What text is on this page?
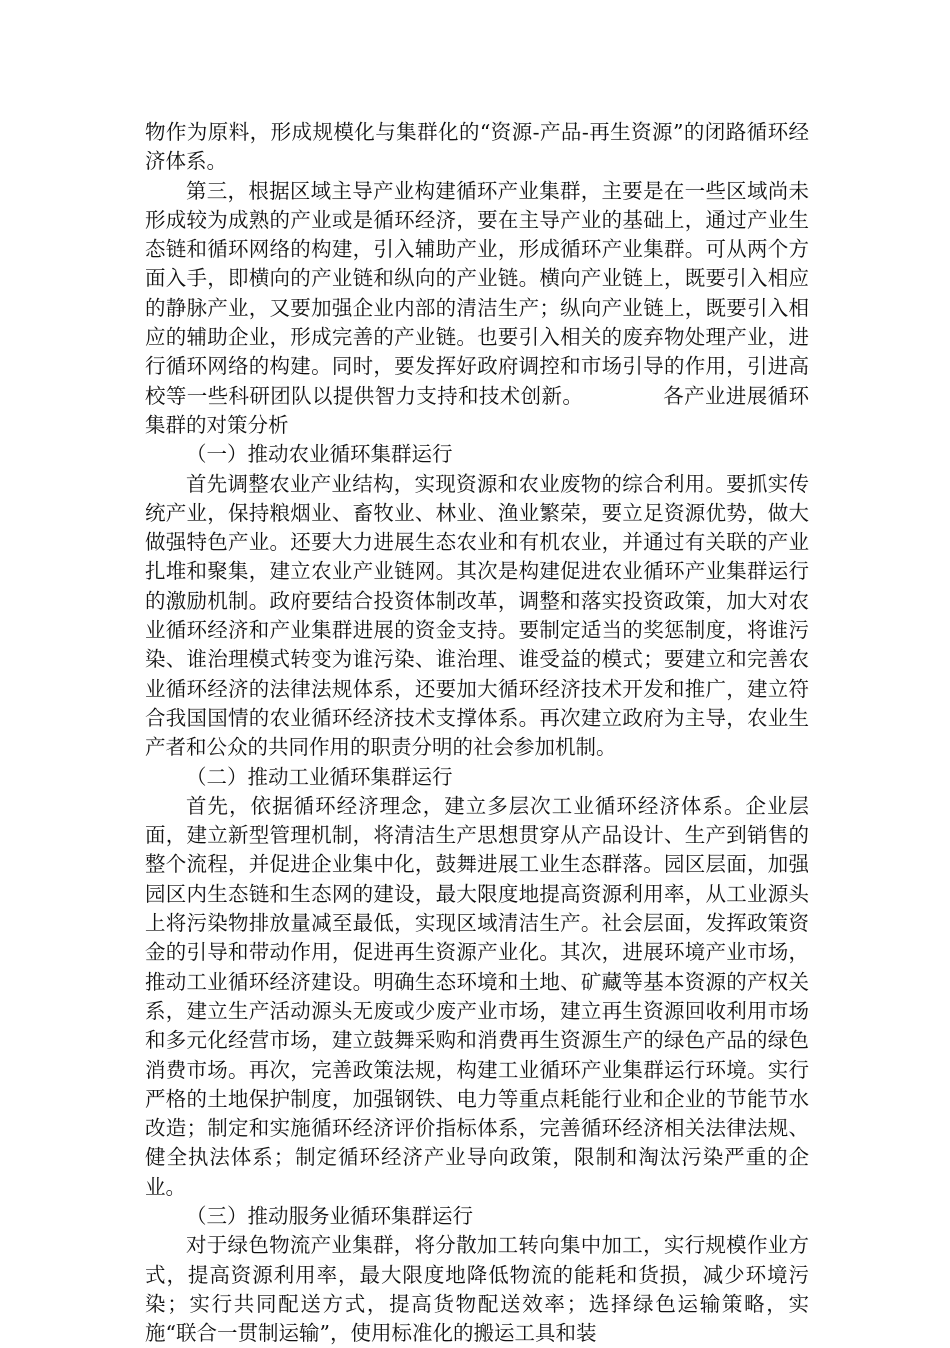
物作为原料，形成规模化与集群化的“资源-产品-再生资源”的闭路循环经济体系。

第三，根据区域主导产业构建循环产业集群，主要是在一些区域尚未形成较为成熟的产业或是循环经济，要在主导产业的基础上，通过产业生态链和循环网络的构建，引入辅助产业，形成循环产业集群。可从两个方面入手，即横向的产业链和纵向的产业链。横向产业链上，既要引入相应的静脉产业，又要加强企业内部的清洁生产；纵向产业链上，既要引入相应的辅助企业，形成完善的产业链。也要引入相关的废弃物处理产业，进行循环网络的构建。同时，要发挥好政府调控和市场引导的作用，引进高校等一些科研团队以提供智力支持和技术创新。	各产业进展循环集群的对策分析

（一）推动农业循环集群运行

首先调整农业产业结构，实现资源和农业废物的综合利用。要抓实传统产业，保持粮烟业、畜牧业、林业、渔业繁荣，要立足资源优势，做大做强特色产业。还要大力进展生态农业和有机农业，并通过有关联的产业扎堆和聚集，建立农业产业链网。其次是构建促进农业循环产业集群运行的激励机制。政府要结合投资体制改革，调整和落实投资政策，加大对农业循环经济和产业集群进展的资金支持。要制定适当的奖惩制度，将谁污染、谁治理模式转变为谁污染、谁治理、谁受益的模式；要建立和完善农业循环经济的法律法规体系，还要加大循环经济技术开发和推广，建立符合我国国情的农业循环经济技术支撑体系。再次建立政府为主导，农业生产者和公众的共同作用的职责分明的社会参加机制。

（二）推动工业循环集群运行

首先，依据循环经济理念，建立多层次工业循环经济体系。企业层面，建立新型管理机制，将清洁生产思想贯穿从产品设计、生产到销售的整个流程，并促进企业集中化，鼓舞进展工业生态群落。园区层面，加强园区内生态链和生态网的建设，最大限度地提高资源利用率，从工业源头上将污染物排放量减至最低，实现区域清洁生产。社会层面，发挥政策资金的引导和带动作用，促进再生资源产业化。其次，进展环境产业市场，推动工业循环经济建设。明确生态环境和土地、矿藏等基本资源的产权关系，建立生产活动源头无废或少废产业市场，建立再生资源回收利用市场和多元化经营市场，建立鼓舞采购和消费再生资源生产的绿色产品的绿色消费市场。再次，完善政策法规，构建工业循环产业集群运行环境。实行严格的土地保护制度，加强钢铁、电力等重点耗能行业和企业的节能节水改造；制定和实施循环经济评价指标体系，完善循环经济相关法律法规、健全执法体系；制定循环经济产业导向政策，限制和淘汰污染严重的企业。

（三）推动服务业循环集群运行

对于绿色物流产业集群，将分散加工转向集中加工，实行规模作业方式，提高资源利用率，最大限度地降低物流的能耗和货损，减少环境污染；实行共同配送方式，提高货物配送效率；选择绿色运输策略，实施“联合一贯制运输”，使用标准化的搬运工具和装
